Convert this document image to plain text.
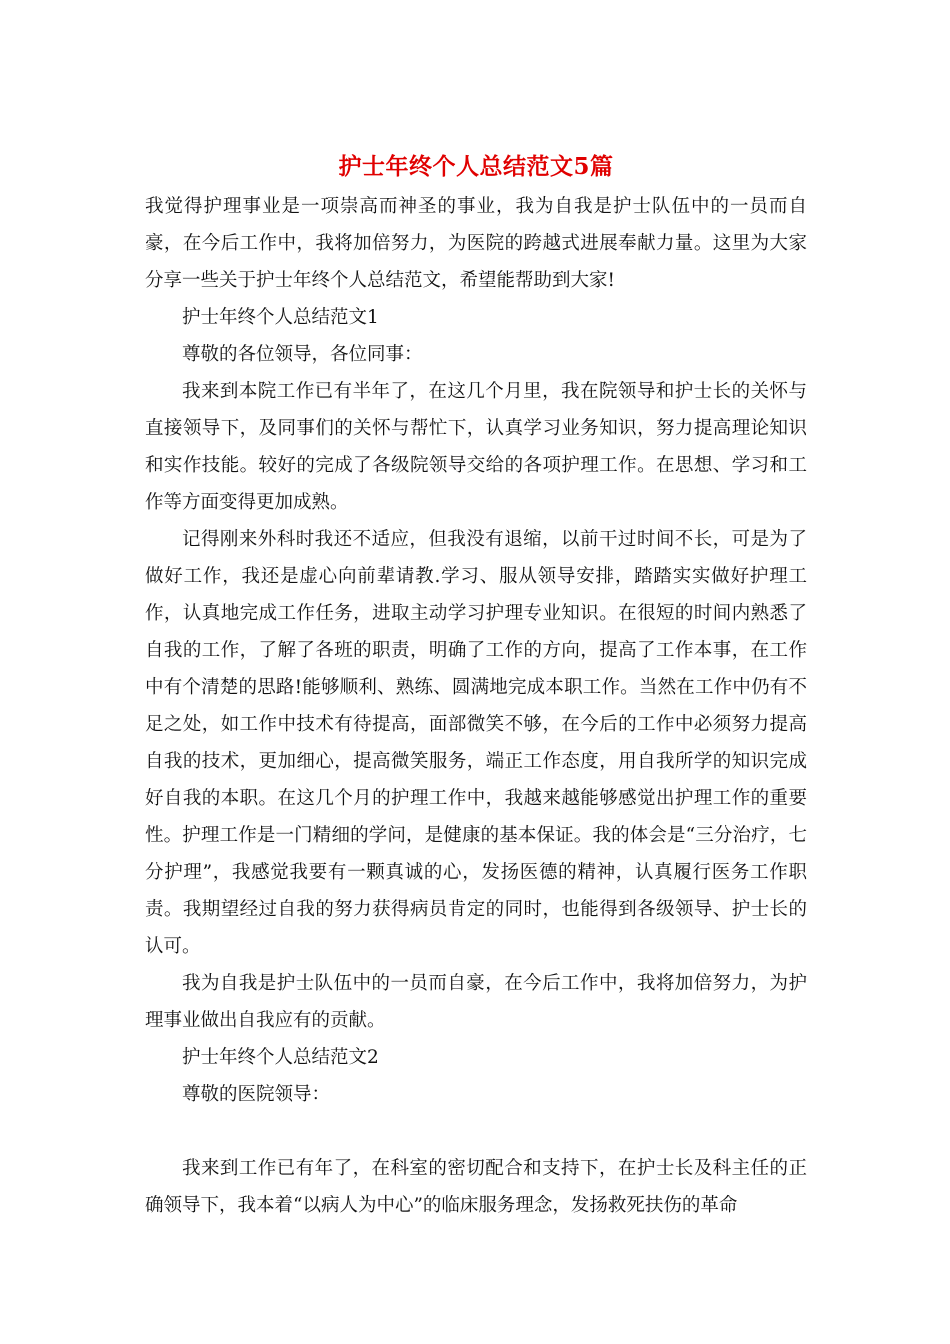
护士年终个人总结范文5篇

我觉得护理事业是一项崇高而神圣的事业，我为自我是护士队伍中的一员而自豪，在今后工作中，我将加倍努力，为医院的跨越式进展奉献力量。这里为大家分享一些关于护士年终个人总结范文，希望能帮助到大家!

护士年终个人总结范文1

尊敬的各位领导，各位同事：

我来到本院工作已有半年了，在这几个月里，我在院领导和护士长的关怀与直接领导下，及同事们的关怀与帮忙下，认真学习业务知识，努力提高理论知识和实作技能。较好的完成了各级院领导交给的各项护理工作。在思想、学习和工作等方面变得更加成熟。

记得刚来外科时我还不适应，但我没有退缩，以前干过时间不长，可是为了做好工作，我还是虚心向前辈请教.学习、服从领导安排，踏踏实实做好护理工作，认真地完成工作任务，进取主动学习护理专业知识。在很短的时间内熟悉了自我的工作，了解了各班的职责，明确了工作的方向，提高了工作本事，在工作中有个清楚的思路!能够顺利、熟练、圆满地完成本职工作。当然在工作中仍有不足之处，如工作中技术有待提高，面部微笑不够，在今后的工作中必须努力提高自我的技术，更加细心，提高微笑服务，端正工作态度，用自我所学的知识完成好自我的本职。在这几个月的护理工作中，我越来越能够感觉出护理工作的重要性。护理工作是一门精细的学问，是健康的基本保证。我的体会是“三分治疗，七分护理”，我感觉我要有一颗真诚的心，发扬医德的精神，认真履行医务工作职责。我期望经过自我的努力获得病员肯定的同时，也能得到各级领导、护士长的认可。

我为自我是护士队伍中的一员而自豪，在今后工作中，我将加倍努力，为护理事业做出自我应有的贡献。

护士年终个人总结范文2

尊敬的医院领导：

我来到工作已有年了，在科室的密切配合和支持下，在护士长及科主任的正确领导下，我本着“以病人为中心”的临床服务理念，发扬救死扶伤的革命
